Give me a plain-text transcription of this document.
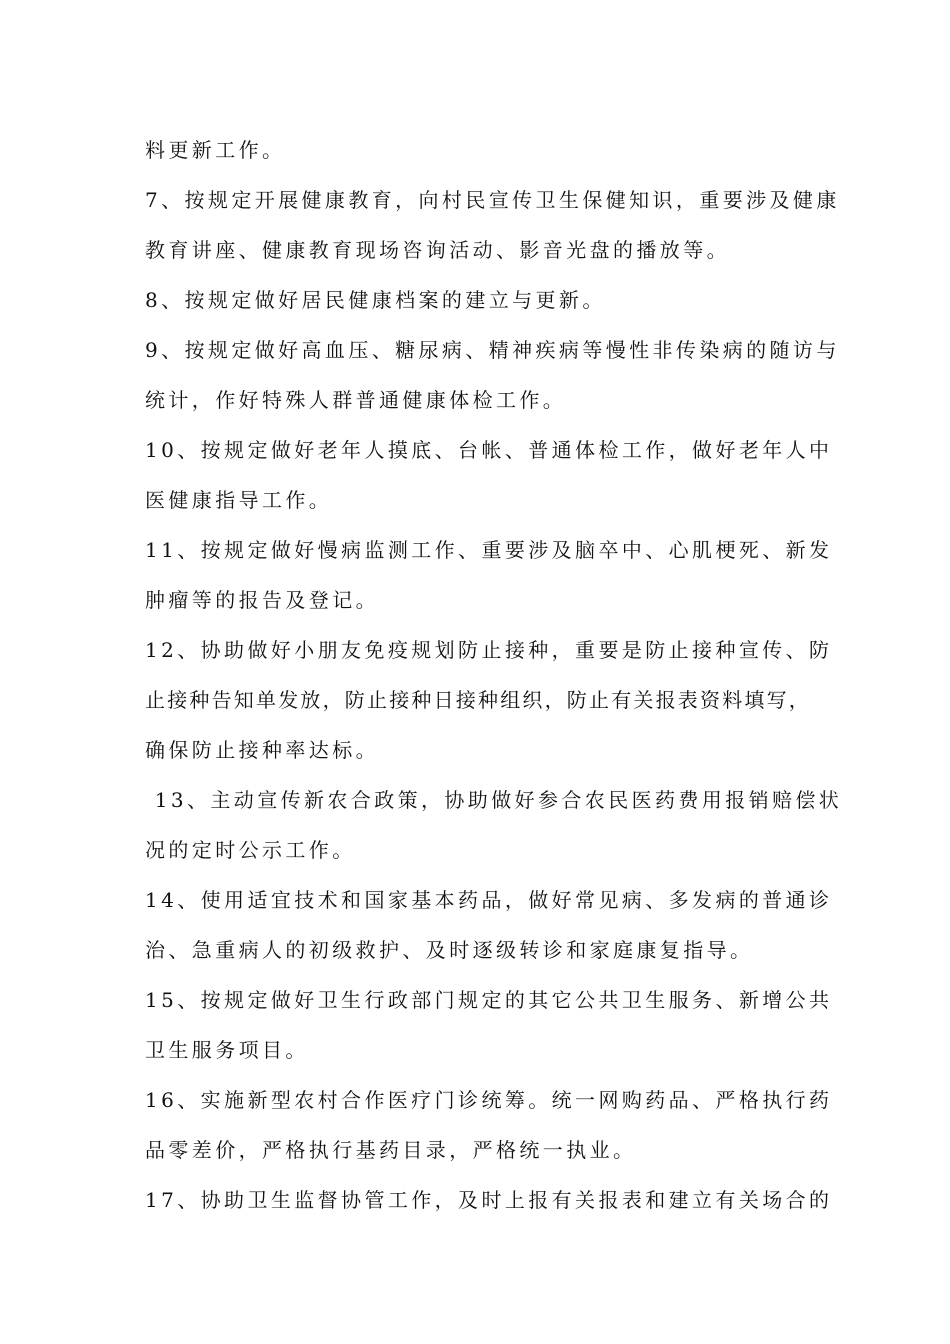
料更新工作。
7、按规定开展健康教育，向村民宣传卫生保健知识，重要涉及健康
教育讲座、健康教育现场咨询活动、影音光盘的播放等。
8、按规定做好居民健康档案的建立与更新。
9、按规定做好高血压、糖尿病、精神疾病等慢性非传染病的随访与
统计，作好特殊人群普通健康体检工作。
10、按规定做好老年人摸底、台帐、普通体检工作，做好老年人中
医健康指导工作。
11、按规定做好慢病监测工作、重要涉及脑卒中、心肌梗死、新发
肿瘤等的报告及登记。
12、协助做好小朋友免疫规划防止接种，重要是防止接种宣传、防
止接种告知单发放，防止接种日接种组织，防止有关报表资料填写，
确保防止接种率达标。
13、主动宣传新农合政策，协助做好参合农民医药费用报销赔偿状
况的定时公示工作。
14、使用适宜技术和国家基本药品，做好常见病、多发病的普通诊
治、急重病人的初级救护、及时逐级转诊和家庭康复指导。
15、按规定做好卫生行政部门规定的其它公共卫生服务、新增公共
卫生服务项目。
16、实施新型农村合作医疗门诊统筹。统一网购药品、严格执行药
品零差价，严格执行基药目录，严格统一执业。
17、协助卫生监督协管工作，及时上报有关报表和建立有关场合的
